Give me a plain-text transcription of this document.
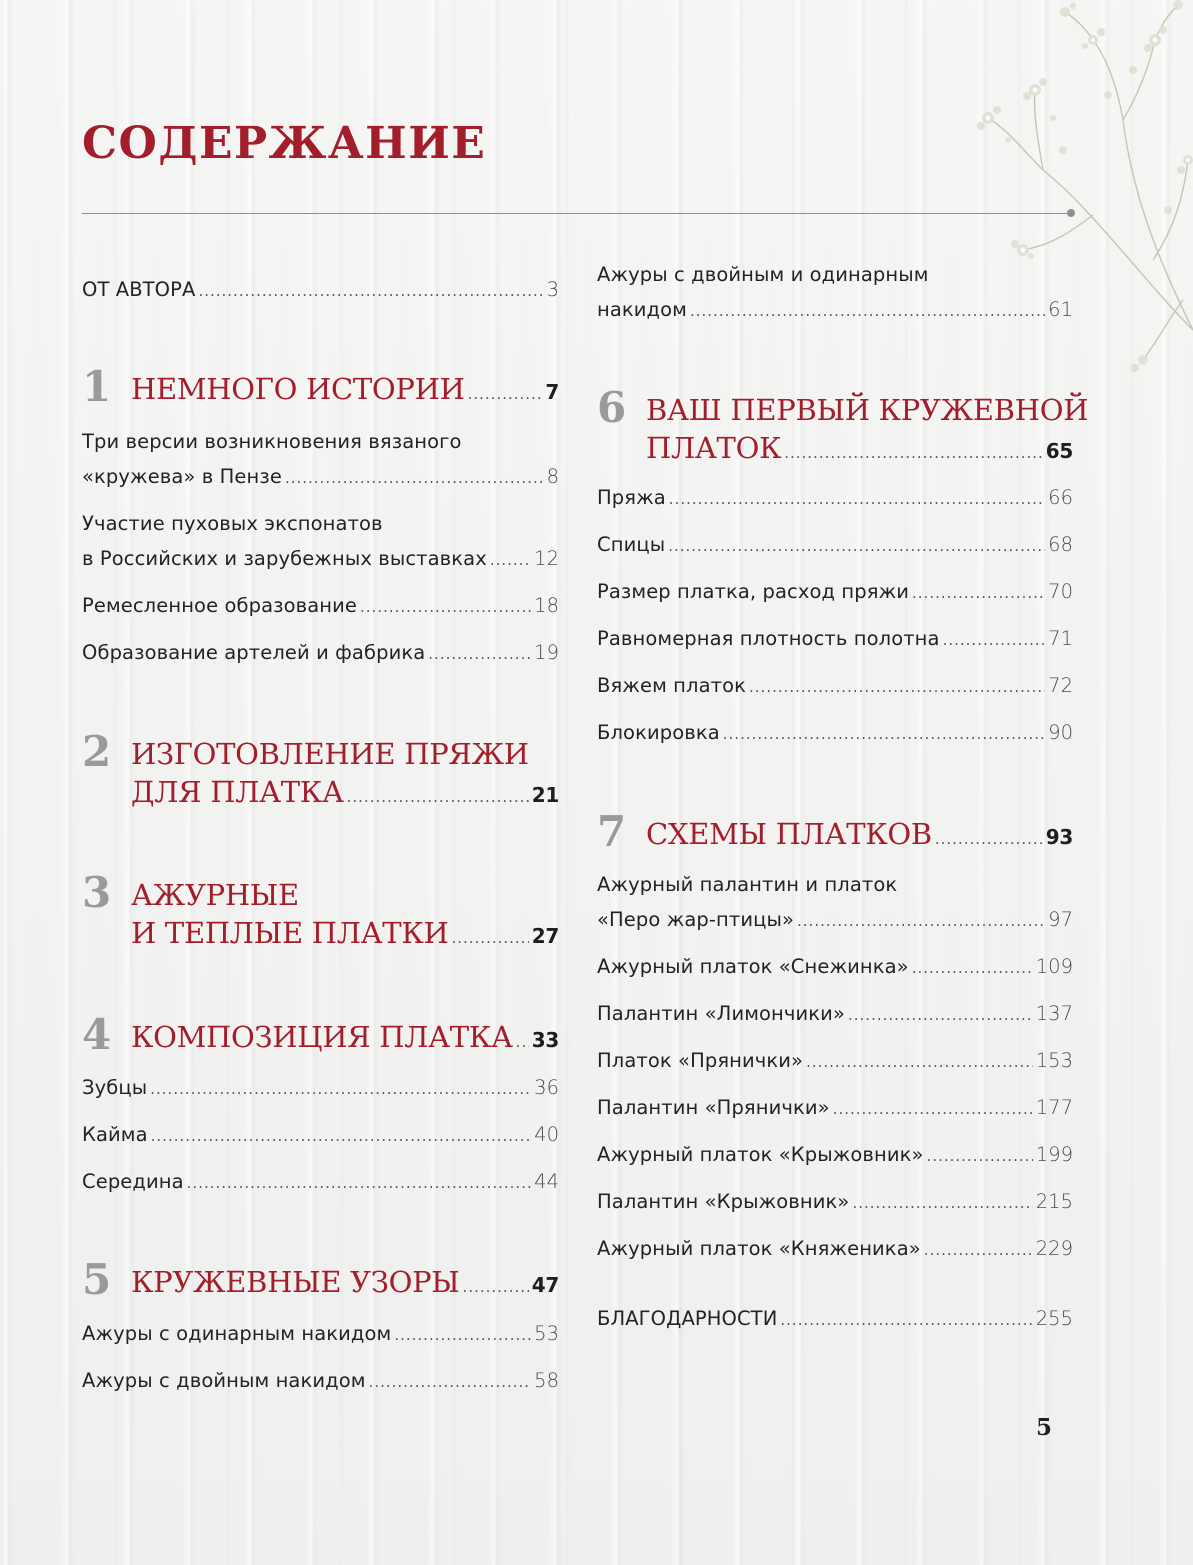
СОДЕРЖАНИЕ
ОТ АВТОРА .....	3
1 НЕМНОГО ИСТОРИИ .....	7
Три версии возникновения вязаного
«кружева» в Пензе .....	8
Участие пуховых экспонатов
в Российских и зарубежных выставках ..... 12
Ремесленное образование .....	18
Образование артелей и фабрика .....	19
2 ИЗГОТОВЛЕНИЕ ПРЯЖИ
ДЛЯ ПЛАТКА .....	21
3 АЖУРНЫЕ
И ТЕПЛЫЕ ПЛАТКИ .....	27
4 КОМПОЗИЦИЯ ПЛАТКА ..... 33
Зубцы .....	36
Кайма .....	40
Середина .....	44
5 КРУЖЕВНЫЕ УЗОРЫ .....	47
Ажуры с одинарным накидом .....	53
Ажуры с двойным накидом .....	58
Ажуры с двойным и одинарным
накидом .....	61
6 ВАШ ПЕРВЫЙ КРУЖЕВНОЙ
ПЛАТОК .....	65
Пряжа .....	66
Спицы .....	68
Размер платка, расход пряжи .....	70
Равномерная плотность полотна .....	71
Вяжем платок .....	72
Блокировка .....	90
7 СХЕМЫ ПЛАТКОВ .....	93
Ажурный палантин и платок
«Перо жар-птицы» .....	97
Ажурный платок «Снежинка» .....	109
Палантин «Лимончики» .....	137
Платок «Прянички» .....	153
Палантин «Прянички» .....	177
Ажурный платок «Крыжовник» .....	199
Палантин «Крыжовник» .....	215
Ажурный платок «Княженика» .....	229
БЛАГОДАРНОСТИ .....	255
5
